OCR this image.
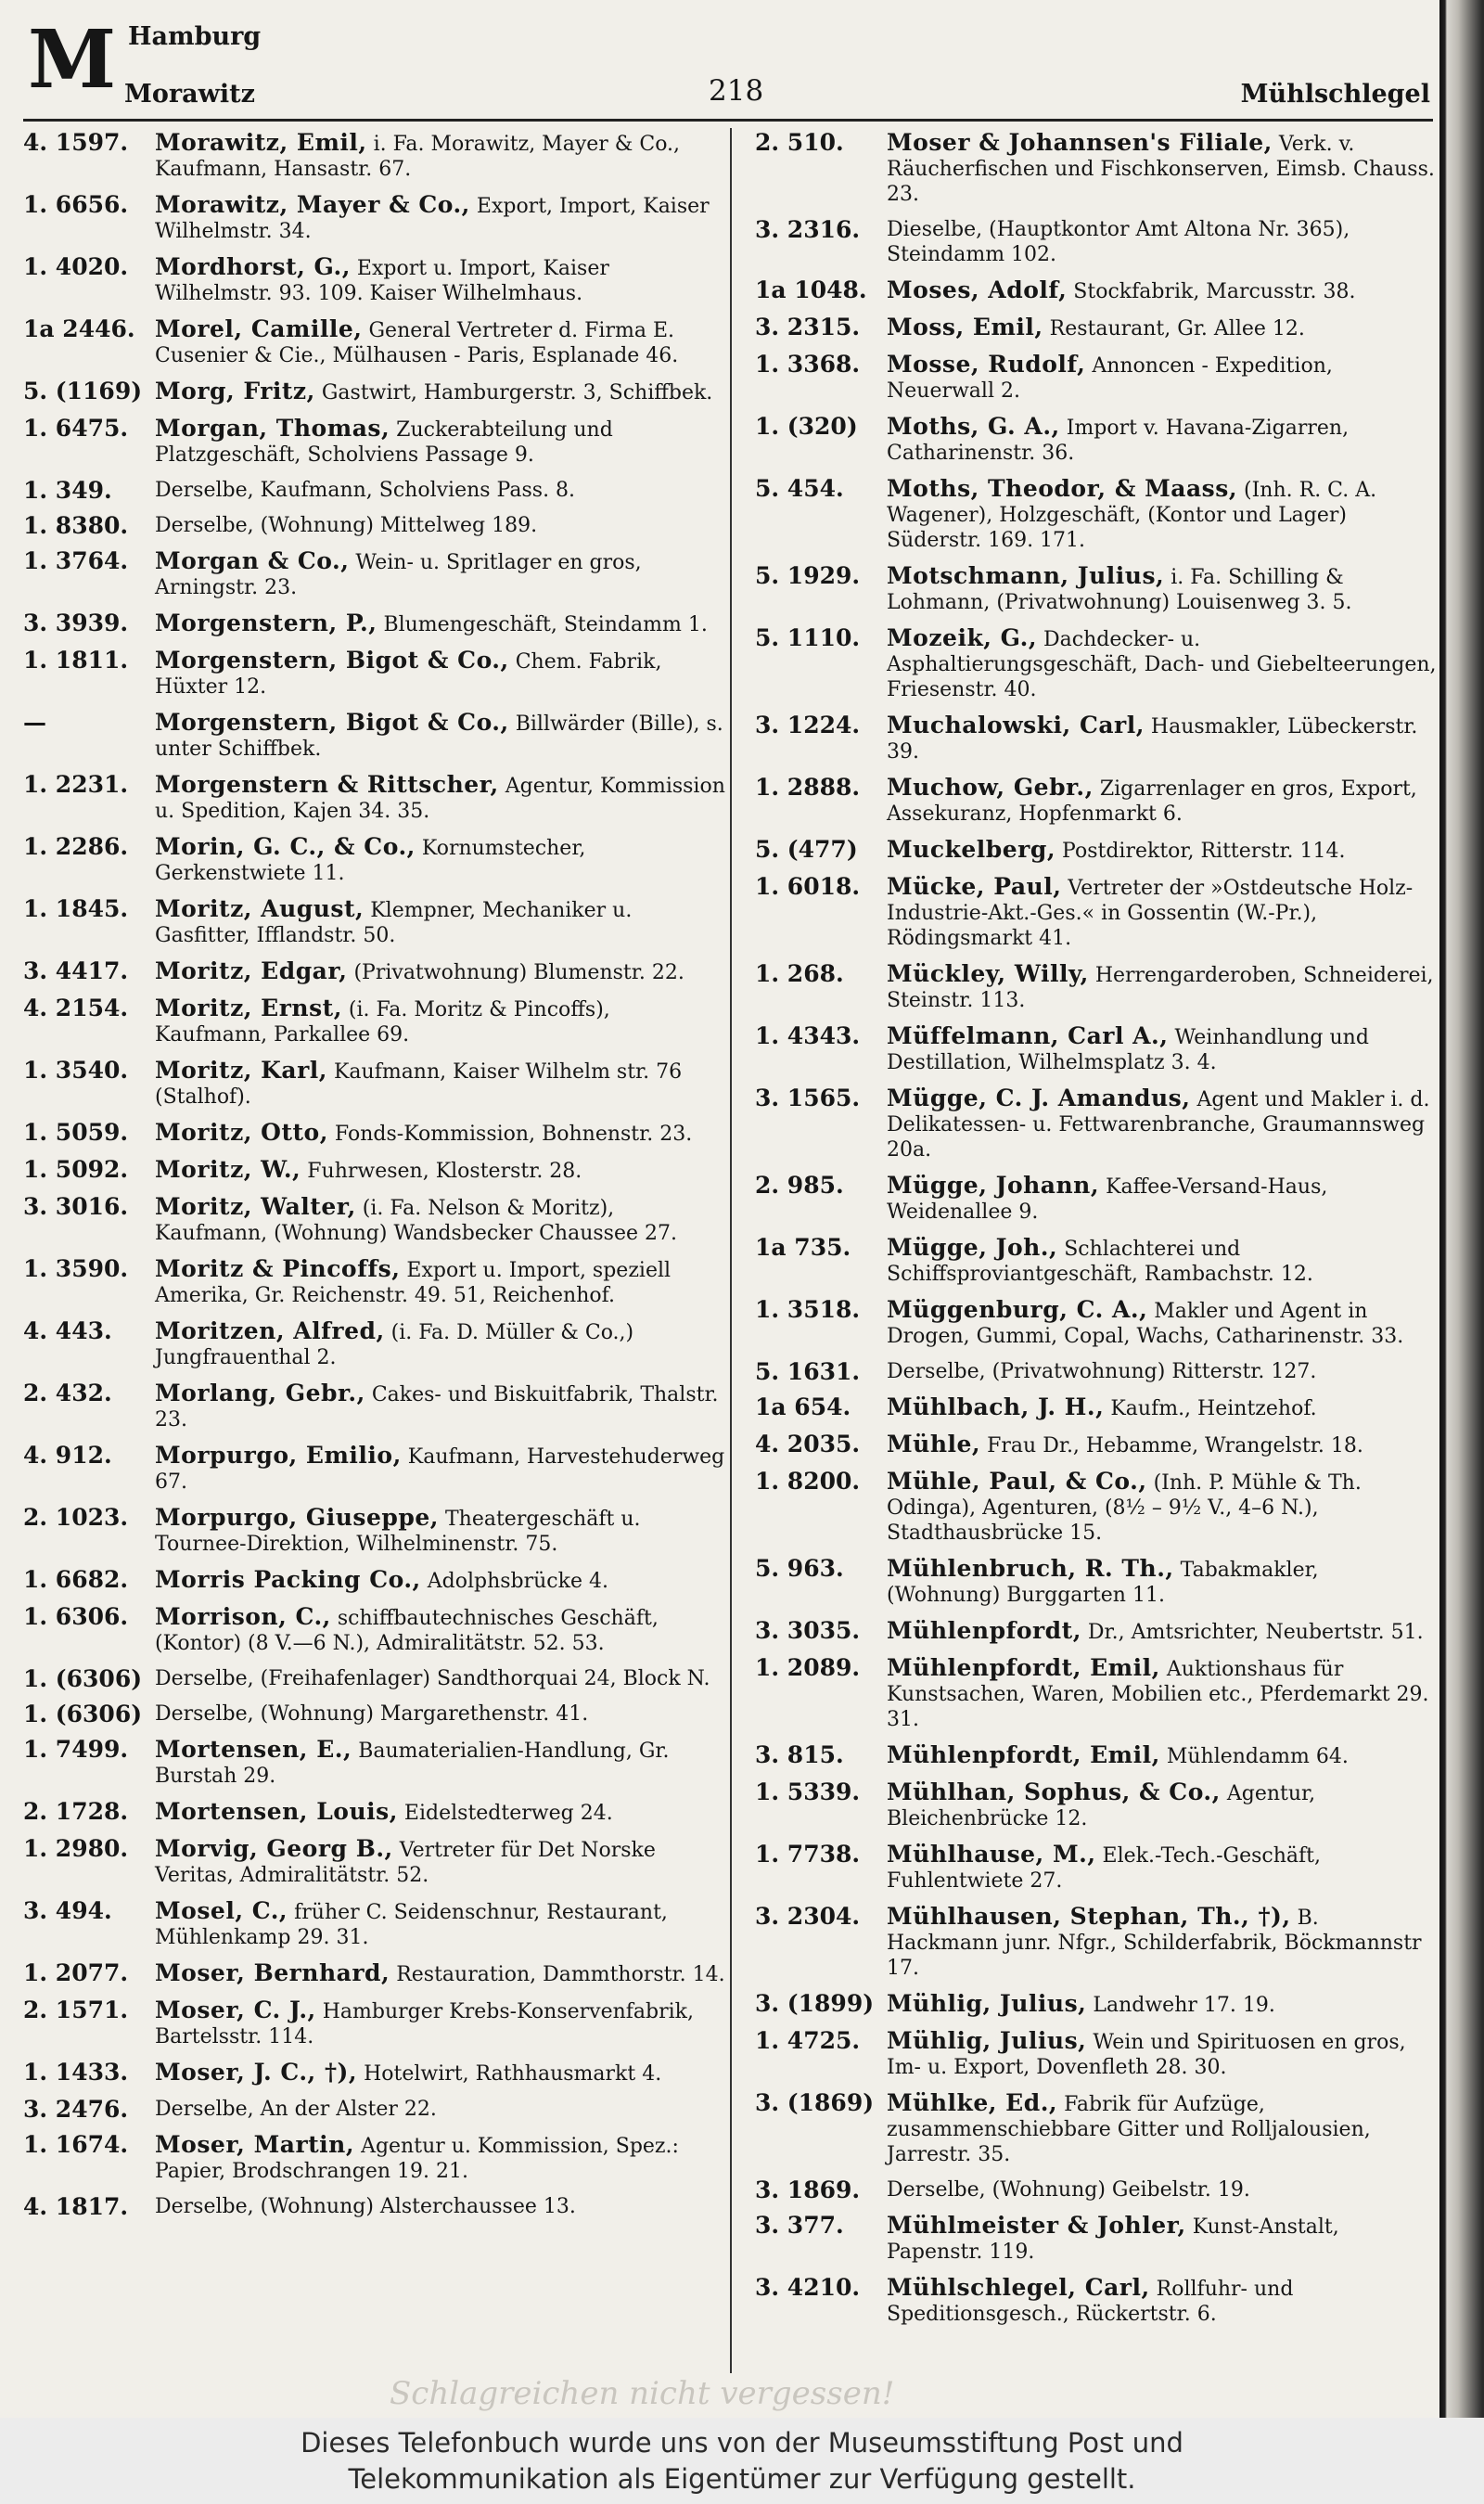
M Hamburg
Morawitz	218	Mühlschlegel
4. 1597. Morawitz, Emil, i. Fa. Morawitz, Mayer & Co., Kaufmann, Hansastr. 67.
1. 6656. Morawitz, Mayer & Co., Export, Import, Kaiser Wilhelmstr. 34.
1. 4020. Mordhorst, G., Export u. Import, Kaiser Wilhelmstr. 93. 109. Kaiser Wilhelmhaus.
1a 2446. Morel, Camille, General Vertreter d. Firma E. Cusenier & Cie., Mülhausen - Paris, Esplanade 46.
5. (1169) Morg, Fritz, Gastwirt, Hamburgerstr. 3, Schiffbek.
1. 6475. Morgan, Thomas, Zuckerabteilung und Platzgeschäft, Scholviens Passage 9.
1. 349. Derselbe, Kaufmann, Scholviens Pass. 8.
1. 8380. Derselbe, (Wohnung) Mittelweg 189.
1. 3764. Morgan & Co., Wein- u. Spritlager en gros, Arningstr. 23.
3. 3939. Morgenstern, P., Blumengeschäft, Steindamm 1.
1. 1811. Morgenstern, Bigot & Co., Chem. Fabrik, Hüxter 12.
—	Morgenstern, Bigot & Co., Billwärder (Bille), s. unter Schiffbek.
1. 2231. Morgenstern & Rittscher, Agentur, Kommission u. Spedition, Kajen 34. 35.
1. 2286. Morin, G. C., & Co., Kornumstecher, Gerkenstwiete 11.
1. 1845. Moritz, August, Klempner, Mechaniker u. Gasfitter, Ifflandstr. 50.
3. 4417. Moritz, Edgar, (Privatwohnung) Blumenstr. 22.
4. 2154. Moritz, Ernst, (i. Fa. Moritz & Pincoffs), Kaufmann, Parkallee 69.
1. 3540. Moritz, Karl, Kaufmann, Kaiser Wilhelm str. 76 (Stalhof).
1. 5059. Moritz, Otto, Fonds-Kommission, Bohnenstr. 23.
1. 5092. Moritz, W., Fuhrwesen, Klosterstr. 28.
3. 3016. Moritz, Walter, (i. Fa. Nelson & Moritz), Kaufmann, (Wohnung) Wandsbecker Chaussee 27.
1. 3590. Moritz & Pincoffs, Export u. Import, speziell Amerika, Gr. Reichenstr. 49. 51, Reichenhof.
4. 443. Moritzen, Alfred, (i. Fa. D. Müller & Co.,) Jungfrauenthal 2.
2. 432. Morlang, Gebr., Cakes- und Biskuitfabrik, Thalstr. 23.
4. 912. Morpurgo, Emilio, Kaufmann, Harvestehuderweg 67.
2. 1023. Morpurgo, Giuseppe, Theatergeschäft u. Tournee-Direktion, Wilhelminenstr. 75.
1. 6682. Morris Packing Co., Adolphsbrücke 4.
1. 6306. Morrison, C., schiffbautechnisches Geschäft, (Kontor) (8 V.—6 N.), Admiralitätstr. 52. 53.
1. (6306) Derselbe, (Freihafenlager) Sandthorquai 24, Block N.
1. (6306) Derselbe, (Wohnung) Margarethenstr. 41.
1. 7499. Mortensen, E., Baumaterialien-Handlung, Gr. Burstah 29.
2. 1728. Mortensen, Louis, Eidelstedterweg 24.
1. 2980. Morvig, Georg B., Vertreter für Det Norske Veritas, Admiralitätstr. 52.
3. 494. Mosel, C., früher C. Seidenschnur, Restaurant, Mühlenkamp 29. 31.
1. 2077. Moser, Bernhard, Restauration, Dammthorstr. 14.
2. 1571. Moser, C. J., Hamburger Krebs-Konservenfabrik, Bartelsstr. 114.
1. 1433. Moser, J. C., †), Hotelwirt, Rathhausmarkt 4.
3. 2476. Derselbe, An der Alster 22.
1. 1674. Moser, Martin, Agentur u. Kommission, Spez.: Papier, Brodschrangen 19. 21.
4. 1817. Derselbe, (Wohnung) Alsterchaussee 13.
2. 510. Moser & Johannsen's Filiale, Verk. v. Räucherfischen und Fischkonserven, Eimsb. Chauss. 23.
3. 2316. Dieselbe, (Hauptkontor Amt Altona Nr. 365), Steindamm 102.
1a 1048. Moses, Adolf, Stockfabrik, Marcusstr. 38.
3. 2315. Moss, Emil, Restaurant, Gr. Allee 12.
1. 3368. Mosse, Rudolf, Annoncen - Expedition, Neuerwall 2.
1. (320) Moths, G. A., Import v. Havana-Zigarren, Catharinenstr. 36.
5. 454. Moths, Theodor, & Maass, (Inh. R. C. A. Wagener), Holzgeschäft, (Kontor und Lager) Süderstr. 169. 171.
5. 1929. Motschmann, Julius, i. Fa. Schilling & Lohmann, (Privatwohnung) Louisenweg 3. 5.
5. 1110. Mozeik, G., Dachdecker- u. Asphaltierungsgeschäft, Dach- und Giebelteerungen, Friesenstr. 40.
3. 1224. Muchalowski, Carl, Hausmakler, Lübeckerstr. 39.
1. 2888. Muchow, Gebr., Zigarrenlager en gros, Export, Assekuranz, Hopfenmarkt 6.
5. (477) Muckelberg, Postdirektor, Ritterstr. 114.
1. 6018. Mücke, Paul, Vertreter der »Ostdeutsche Holz-Industrie-Akt.-Ges.« in Gossentin (W.-Pr.), Rödingsmarkt 41.
1. 268. Mückley, Willy, Herrengarderoben, Schneiderei, Steinstr. 113.
1. 4343. Müffelmann, Carl A., Weinhandlung und Destillation, Wilhelmsplatz 3. 4.
3. 1565. Mügge, C. J. Amandus, Agent und Makler i. d. Delikatessen- u. Fettwarenbranche, Graumannsweg 20a.
2. 985. Mügge, Johann, Kaffee-Versand-Haus, Weidenallee 9.
1a 735. Mügge, Joh., Schlachterei und Schiffsproviantgeschäft, Rambachstr. 12.
1. 3518. Müggenburg, C. A., Makler und Agent in Drogen, Gummi, Copal, Wachs, Catharinenstr. 33.
5. 1631. Derselbe, (Privatwohnung) Ritterstr. 127.
1a 654. Mühlbach, J. H., Kaufm., Heintzehof.
4. 2035. Mühle, Frau Dr., Hebamme, Wrangelstr. 18.
1. 8200. Mühle, Paul, & Co., (Inh. P. Mühle & Th. Odinga), Agenturen, (8½ – 9½ V., 4–6 N.), Stadthausbrücke 15.
5. 963. Mühlenbruch, R. Th., Tabakmakler, (Wohnung) Burggarten 11.
3. 3035. Mühlenpfordt, Dr., Amtsrichter, Neubertstr. 51.
1. 2089. Mühlenpfordt, Emil, Auktionshaus für Kunstsachen, Waren, Mobilien etc., Pferdemarkt 29. 31.
3. 815. Mühlenpfordt, Emil, Mühlendamm 64.
1. 5339. Mühlhan, Sophus, & Co., Agentur, Bleichenbrücke 12.
1. 7738. Mühlhause, M., Elek.-Tech.-Geschäft, Fuhlentwiete 27.
3. 2304. Mühlhausen, Stephan, Th., †), B. Hackmann junr. Nfgr., Schilderfabrik, Böckmannstr 17.
3. (1899) Mühlig, Julius, Landwehr 17. 19.
1. 4725. Mühlig, Julius, Wein und Spirituosen en gros, Im- u. Export, Dovenfleth 28. 30.
3. (1869) Mühlke, Ed., Fabrik für Aufzüge, zusammenschiebbare Gitter und Rolljalousien, Jarrestr. 35.
3. 1869. Derselbe, (Wohnung) Geibelstr. 19.
3. 377. Mühlmeister & Johler, Kunst-Anstalt, Papenstr. 119.
3. 4210. Mühlschlegel, Carl, Rollfuhr- und Speditionsgesch., Rückertstr. 6.
Schlagreichen nicht vergessen!
Dieses Telefonbuch wurde uns von der Museumsstiftung Post und
Telekommunikation als Eigentümer zur Verfügung gestellt.
